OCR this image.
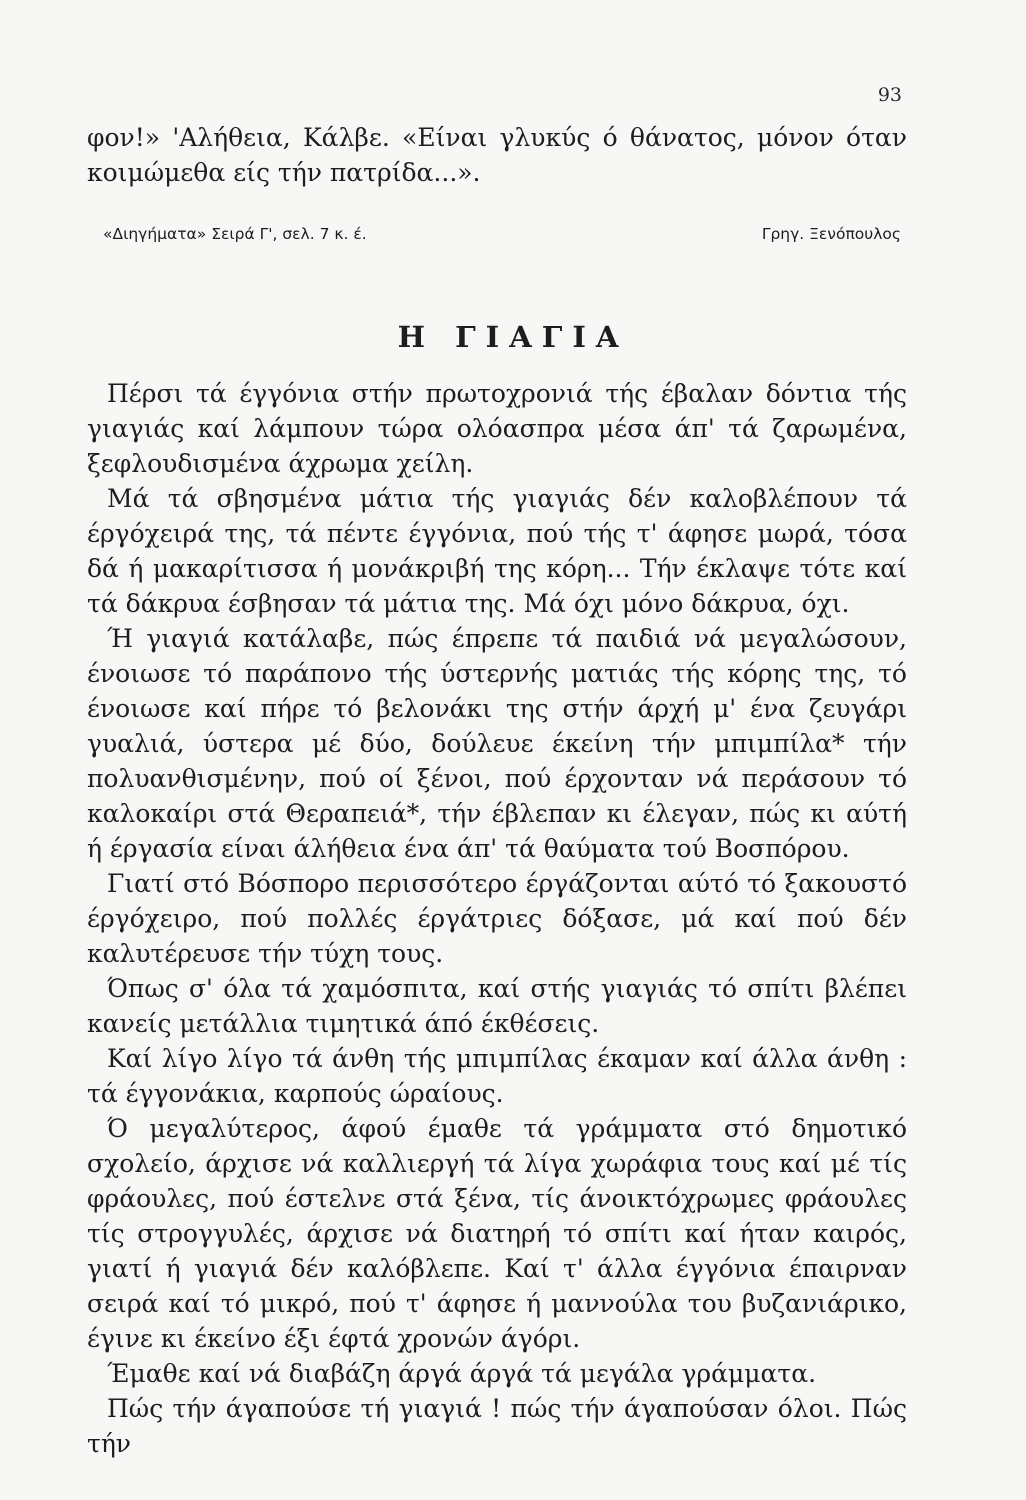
93

φον!» 'Αλήθεια, Κάλβε. «Είναι γλυκύς ό θάνατος, μόνον όταν κοιμώμεθα είς τήν πατρίδα...».

«Διηγήματα» Σειρά Γ', σελ. 7 κ. έ.	Γρηγ. Ξενόπουλος
Η ΓΙΑΓΙΑ

Πέρσι τά έγγόνια στήν πρωτοχρονιά τής έβαλαν δόντια τής γιαγιάς καί λάμπουν τώρα ολόασπρα μέσα άπ' τά ζαρωμένα, ξεφλουδισμένα άχρωμα χείλη.

Μά τά σβησμένα μάτια τής γιαγιάς δέν καλοβλέπουν τά έργόχειρά της, τά πέντε έγγόνια, πού τής τ' άφησε μωρά, τόσα δά ή μακαρίτισσα ή μονάκριβή της κόρη... Τήν έκλαψε τότε καί τά δάκρυα έσβησαν τά μάτια της. Μά όχι μόνο δάκρυα, όχι.

Ή γιαγιά κατάλαβε, πώς έπρεπε τά παιδιά νά μεγαλώσουν, ένοιωσε τό παράπονο τής ύστερνής ματιάς τής κόρης της, τό ένοιωσε καί πήρε τό βελονάκι της στήν άρχή μ' ένα ζευγάρι γυαλιά, ύστερα μέ δύο, δούλευε έκείνη τήν μπιμπίλα* τήν πολυανθισμένην, πού οί ξένοι, πού έρχονταν νά περάσουν τό καλοκαίρι στά Θεραπειά*, τήν έβλεπαν κι έλεγαν, πώς κι αύτή ή έργασία είναι άλήθεια ένα άπ' τά θαύματα τού Βοσπόρου.

Γιατί στό Βόσπορο περισσότερο έργάζονται αύτό τό ξακουστό έργόχειρο, πού πολλές έργάτριες δόξασε, μά καί πού δέν καλυτέρευσε τήν τύχη τους.

Όπως σ' όλα τά χαμόσπιτα, καί στής γιαγιάς τό σπίτι βλέπει κανείς μετάλλια τιμητικά άπό έκθέσεις.

Καί λίγο λίγο τά άνθη τής μπιμπίλας έκαμαν καί άλλα άνθη : τά έγγονάκια, καρπούς ώραίους.

Ό μεγαλύτερος, άφού έμαθε τά γράμματα στό δημοτικό σχολείο, άρχισε νά καλλιεργή τά λίγα χωράφια τους καί μέ τίς φράουλες, πού έστελνε στά ξένα, τίς άνοικτόχρωμες φράουλες τίς στρογγυλές, άρχισε νά διατηρή τό σπίτι καί ήταν καιρός, γιατί ή γιαγιά δέν καλόβλεπε. Καί τ' άλλα έγγόνια έπαιρναν σειρά καί τό μικρό, πού τ' άφησε ή μαννούλα του βυζανιάρικο, έγινε κι έκείνο έξι έφτά χρονών άγόρι.

Έμαθε καί νά διαβάζη άργά άργά τά μεγάλα γράμματα.

Πώς τήν άγαπούσε τή γιαγιά ! πώς τήν άγαπούσαν όλοι. Πώς τήν
